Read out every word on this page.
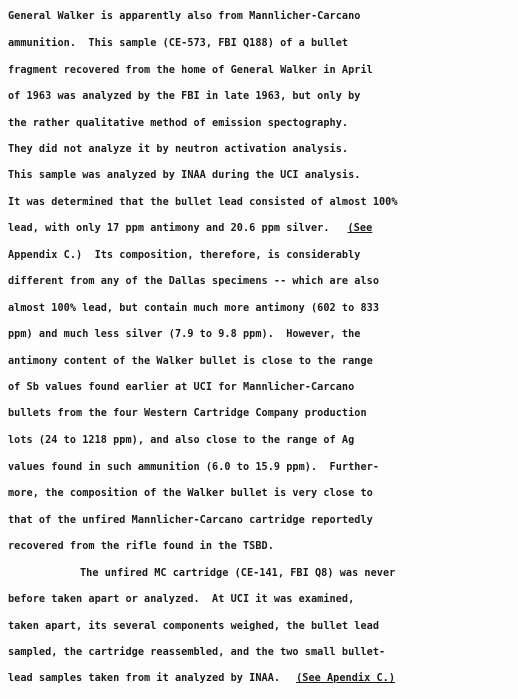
General Walker is apparently also from Mannlicher-Carcano
ammunition.  This sample (CE-573, FBI Q188) of a bullet
fragment recovered from the home of General Walker in April
of 1963 was analyzed by the FBI in late 1963, but only by
the rather qualitative method of emission spectography.
They did not analyze it by neutron activation analysis.
This sample was analyzed by INAA during the UCI analysis.
It was determined that the bullet lead consisted of almost 100%
lead, with only 17 ppm antimony and 20.6 ppm silver. (See
Appendix C.)  Its composition, therefore, is considerably
different from any of the Dallas specimens -- which are also
almost 100% lead, but contain much more antimony (602 to 833
ppm) and much less silver (7.9 to 9.8 ppm).  However, the
antimony content of the Walker bullet is close to the range
of Sb values found earlier at UCI for Mannlicher-Carcano
bullets from the four Western Cartridge Company production
lots (24 to 1218 ppm), and also close to the range of Ag
values found in such ammunition (6.0 to 15.9 ppm).  Further-
more, the composition of the Walker bullet is very close to
that of the unfired Mannlicher-Carcano cartridge reportedly
recovered from the rifle found in the TSBD.
The unfired MC cartridge (CE-141, FBI Q8) was never
before taken apart or analyzed.  At UCI it was examined,
taken apart, its several components weighed, the bullet lead
sampled, the cartridge reassembled, and the two small bullet-
lead samples taken from it analyzed by INAA. (See Apendix C.)
